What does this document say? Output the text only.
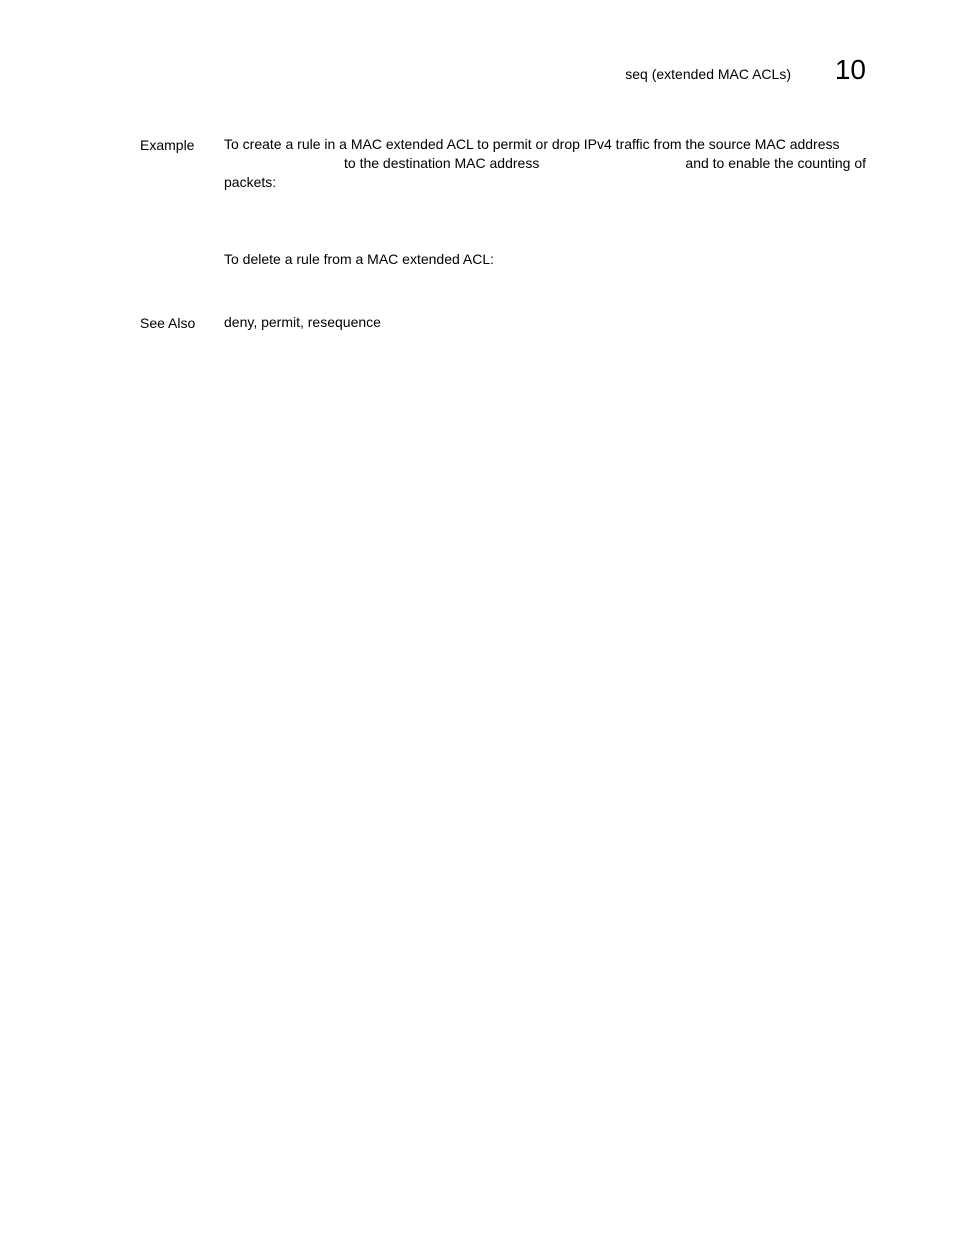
seq (extended MAC ACLs)	10
Example To create a rule in a MAC extended ACL to permit or drop IPv4 traffic from the source MAC address
to the destination MAC address	and to enable the counting of
packets:
To delete a rule from a MAC extended ACL:
See Also deny, permit, resequence
